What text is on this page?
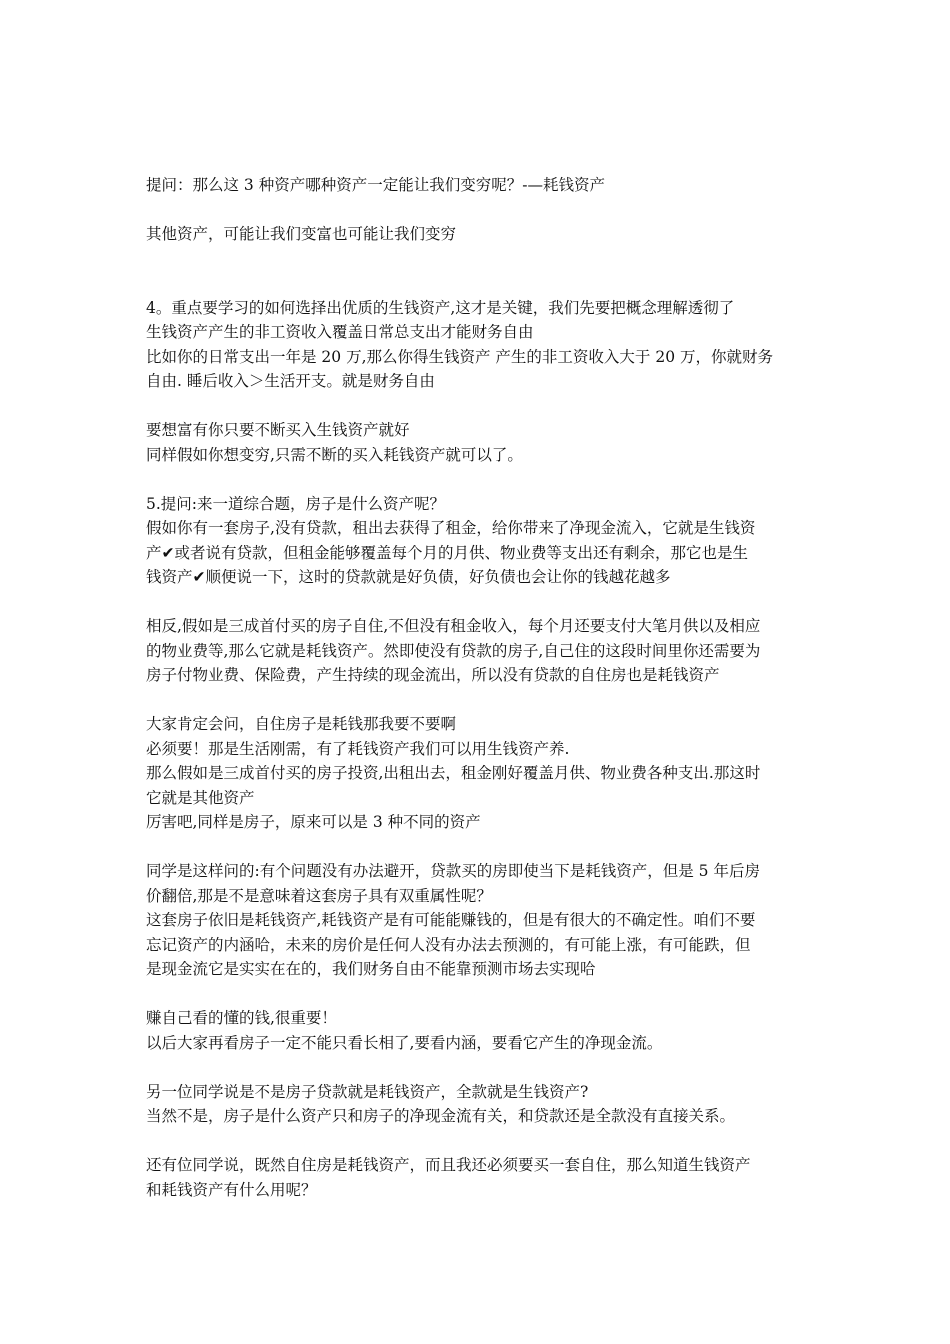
提问：那么这 3 种资产哪种资产一定能让我们变穷呢？-—耗钱资产
其他资产，可能让我们变富也可能让我们变穷
4。重点要学习的如何选择出优质的生钱资产,这才是关键，我们先要把概念理解透彻了
生钱资产产生的非工资收入覆盖日常总支出才能财务自由
比如你的日常支出一年是 20 万,那么你得生钱资产 产生的非工资收入大于 20 万，你就财务
自由. 睡后收入＞生活开支。就是财务自由
要想富有你只要不断买入生钱资产就好
同样假如你想变穷,只需不断的买入耗钱资产就可以了。
5.提问:来一道综合题，房子是什么资产呢？
假如你有一套房子,没有贷款，租出去获得了租金，给你带来了净现金流入，它就是生钱资
产✔或者说有贷款，但租金能够覆盖每个月的月供、物业费等支出还有剩余，那它也是生
钱资产✔顺便说一下，这时的贷款就是好负债，好负债也会让你的钱越花越多
相反,假如是三成首付买的房子自住,不但没有租金收入，每个月还要支付大笔月供以及相应
的物业费等,那么它就是耗钱资产。然即使没有贷款的房子,自己住的这段时间里你还需要为
房子付物业费、保险费，产生持续的现金流出，所以没有贷款的自住房也是耗钱资产
大家肯定会问，自住房子是耗钱那我要不要啊
必须要！那是生活刚需，有了耗钱资产我们可以用生钱资产养.
那么假如是三成首付买的房子投资,出租出去，租金刚好覆盖月供、物业费各种支出.那这时
它就是其他资产
厉害吧,同样是房子，原来可以是 3 种不同的资产
同学是这样问的:有个问题没有办法避开，贷款买的房即使当下是耗钱资产，但是 5 年后房
价翻倍,那是不是意味着这套房子具有双重属性呢？
这套房子依旧是耗钱资产,耗钱资产是有可能能赚钱的，但是有很大的不确定性。咱们不要
忘记资产的内涵哈，未来的房价是任何人没有办法去预测的，有可能上涨，有可能跌，但
是现金流它是实实在在的，我们财务自由不能靠预测市场去实现哈
赚自己看的懂的钱,很重要！
以后大家再看房子一定不能只看长相了,要看内涵，要看它产生的净现金流。
另一位同学说是不是房子贷款就是耗钱资产，全款就是生钱资产?
当然不是，房子是什么资产只和房子的净现金流有关，和贷款还是全款没有直接关系。
还有位同学说，既然自住房是耗钱资产，而且我还必须要买一套自住，那么知道生钱资产
和耗钱资产有什么用呢？
